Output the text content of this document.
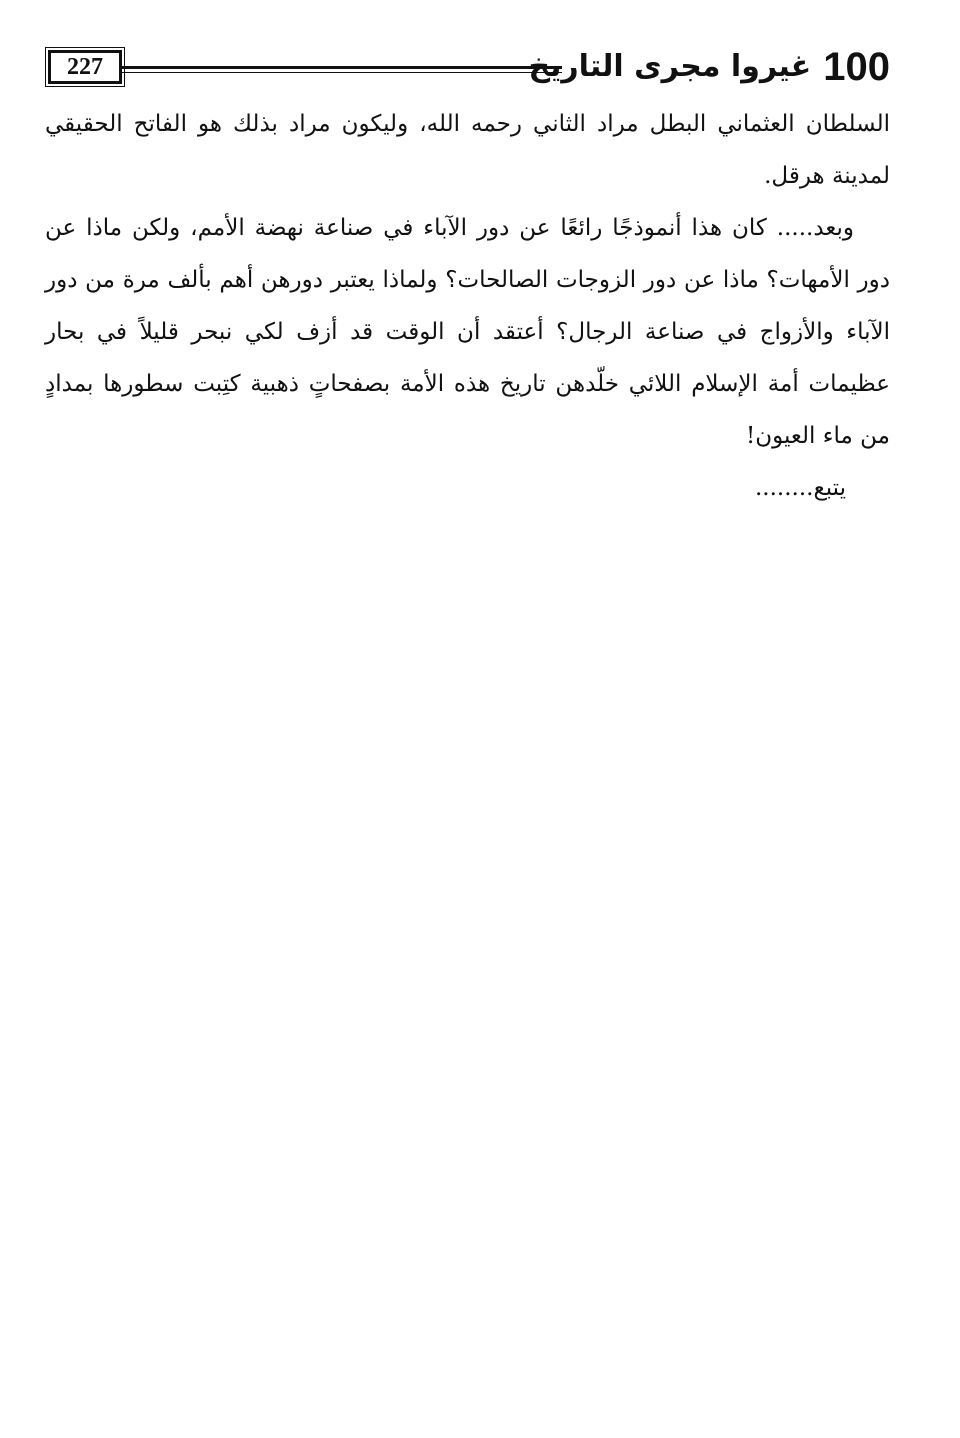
227	100
غيروا مجرى التاريخ

السلطان العثماني البطل مراد الثاني رحمه الله، وليكون مراد بذلك هو الفاتح الحقيقي لمدينة هرقل.

وبعد..... كان هذا أنموذجًا رائعًا عن دور الآباء في صناعة نهضة الأمم، ولكن ماذا عن دور الأمهات؟ ماذا عن دور الزوجات الصالحات؟ ولماذا يعتبر دورهن أهم بألف مرة من دور الآباء والأزواج في صناعة الرجال؟ أعتقد أن الوقت قد أزف لكي نبحر قليلاً في بحار عظيمات أمة الإسلام اللائي خلّدهن تاريخ هذه الأمة بصفحاتٍ ذهبية كتِبت سطورها بمدادٍ من ماء العيون!

يتبع........
